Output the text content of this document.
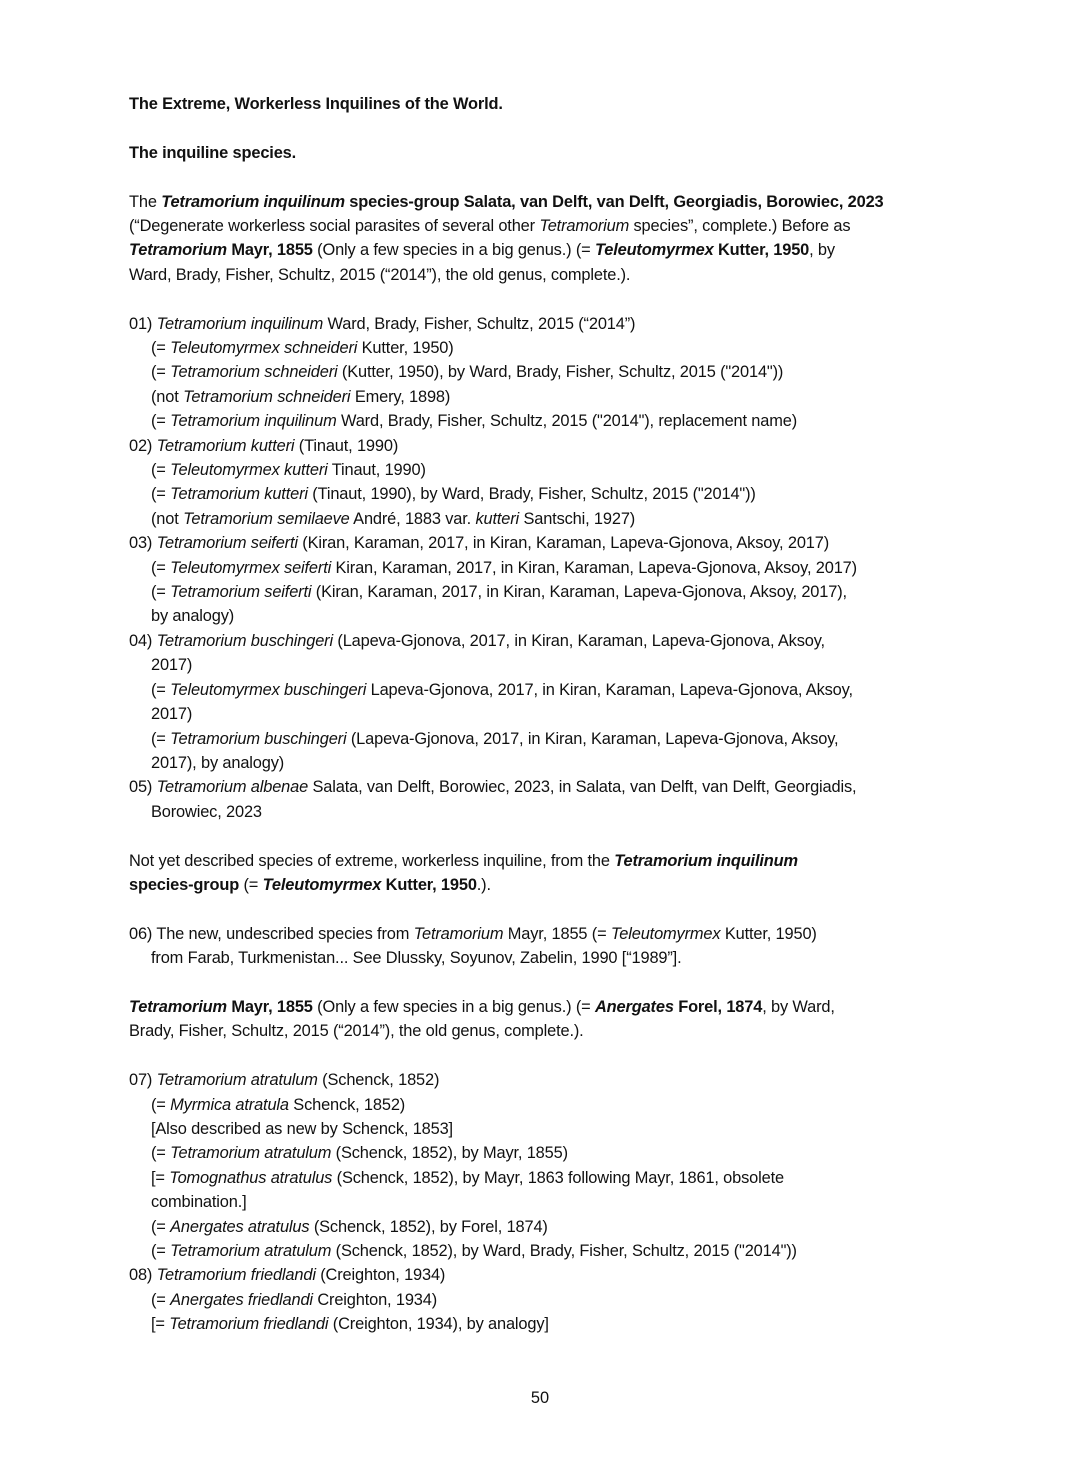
The Extreme, Workerless Inquilines of the World.
The inquiline species.
The Tetramorium inquilinum species-group Salata, van Delft, van Delft, Georgiadis, Borowiec, 2023
(“Degenerate workerless social parasites of several other Tetramorium species”, complete.) Before as
Tetramorium Mayr, 1855 (Only a few species in a big genus.) (= Teleutomyrmex Kutter, 1950, by
Ward, Brady, Fisher, Schultz, 2015 (“2014”), the old genus, complete.).
01) Tetramorium inquilinum Ward, Brady, Fisher, Schultz, 2015 (“2014”)
(= Teleutomyrmex schneideri Kutter, 1950)
(= Tetramorium schneideri (Kutter, 1950), by Ward, Brady, Fisher, Schultz, 2015 ("2014"))
(not Tetramorium schneideri Emery, 1898)
(= Tetramorium inquilinum Ward, Brady, Fisher, Schultz, 2015 ("2014"), replacement name)
02) Tetramorium kutteri (Tinaut, 1990)
(= Teleutomyrmex kutteri Tinaut, 1990)
(= Tetramorium kutteri (Tinaut, 1990), by Ward, Brady, Fisher, Schultz, 2015 ("2014"))
(not Tetramorium semilaeve André, 1883 var. kutteri Santschi, 1927)
03) Tetramorium seiferti (Kiran, Karaman, 2017, in Kiran, Karaman, Lapeva-Gjonova, Aksoy, 2017)
(= Teleutomyrmex seiferti Kiran, Karaman, 2017, in Kiran, Karaman, Lapeva-Gjonova, Aksoy, 2017)
(= Tetramorium seiferti (Kiran, Karaman, 2017, in Kiran, Karaman, Lapeva-Gjonova, Aksoy, 2017),
by analogy)
04) Tetramorium buschingeri (Lapeva-Gjonova, 2017, in Kiran, Karaman, Lapeva-Gjonova, Aksoy,
2017)
(= Teleutomyrmex buschingeri Lapeva-Gjonova, 2017, in Kiran, Karaman, Lapeva-Gjonova, Aksoy,
2017)
(= Tetramorium buschingeri (Lapeva-Gjonova, 2017, in Kiran, Karaman, Lapeva-Gjonova, Aksoy,
2017), by analogy)
05) Tetramorium albenae Salata, van Delft, Borowiec, 2023, in Salata, van Delft, van Delft, Georgiadis,
Borowiec, 2023
Not yet described species of extreme, workerless inquiline, from the Tetramorium inquilinum
species-group (= Teleutomyrmex Kutter, 1950.).
06) The new, undescribed species from Tetramorium Mayr, 1855 (= Teleutomyrmex Kutter, 1950)
from Farab, Turkmenistan... See Dlussky, Soyunov, Zabelin, 1990 [“1989”].
Tetramorium Mayr, 1855 (Only a few species in a big genus.) (= Anergates Forel, 1874, by Ward,
Brady, Fisher, Schultz, 2015 (“2014”), the old genus, complete.).
07) Tetramorium atratulum (Schenck, 1852)
(= Myrmica atratula Schenck, 1852)
[Also described as new by Schenck, 1853]
(= Tetramorium atratulum (Schenck, 1852), by Mayr, 1855)
[= Tomognathus atratulus (Schenck, 1852), by Mayr, 1863 following Mayr, 1861, obsolete
combination.]
(= Anergates atratulus (Schenck, 1852), by Forel, 1874)
(= Tetramorium atratulum (Schenck, 1852), by Ward, Brady, Fisher, Schultz, 2015 ("2014"))
08) Tetramorium friedlandi (Creighton, 1934)
(= Anergates friedlandi Creighton, 1934)
[= Tetramorium friedlandi (Creighton, 1934), by analogy]
50
